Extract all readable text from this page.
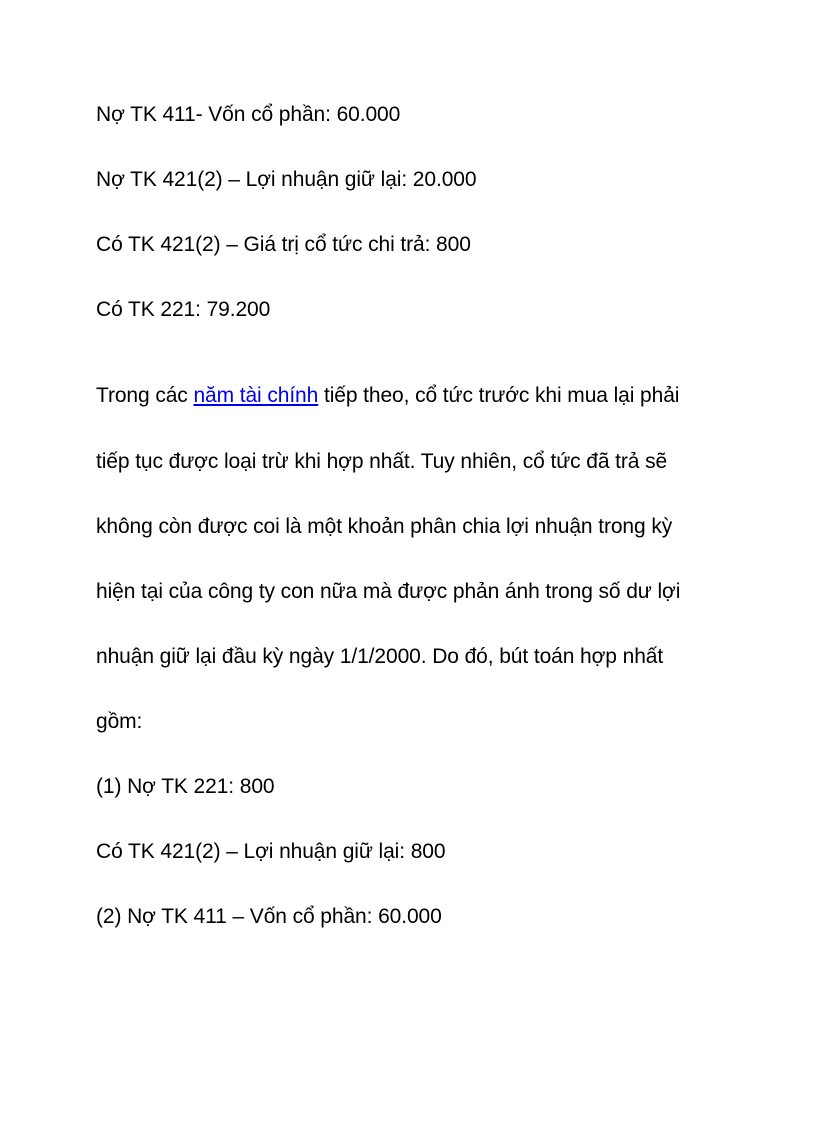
Nợ TK 411- Vốn cổ phần: 60.000
Nợ TK 421(2) – Lợi nhuận giữ lại: 20.000
Có TK 421(2) – Giá trị cổ tức chi trả: 800
Có TK 221: 79.200
Trong các năm tài chính tiếp theo, cổ tức trước khi mua lại phải
tiếp tục được loại trừ khi hợp nhất. Tuy nhiên, cổ tức đã trả sẽ
không còn được coi là một khoản phân chia lợi nhuận trong kỳ
hiện tại của công ty con nữa mà được phản ánh trong số dư lợi
nhuận giữ lại đầu kỳ ngày 1/1/2000. Do đó, bút toán hợp nhất
gồm:
(1) Nợ TK 221: 800
Có TK 421(2) – Lợi nhuận giữ lại: 800
(2) Nợ TK 411 – Vốn cổ phần: 60.000
